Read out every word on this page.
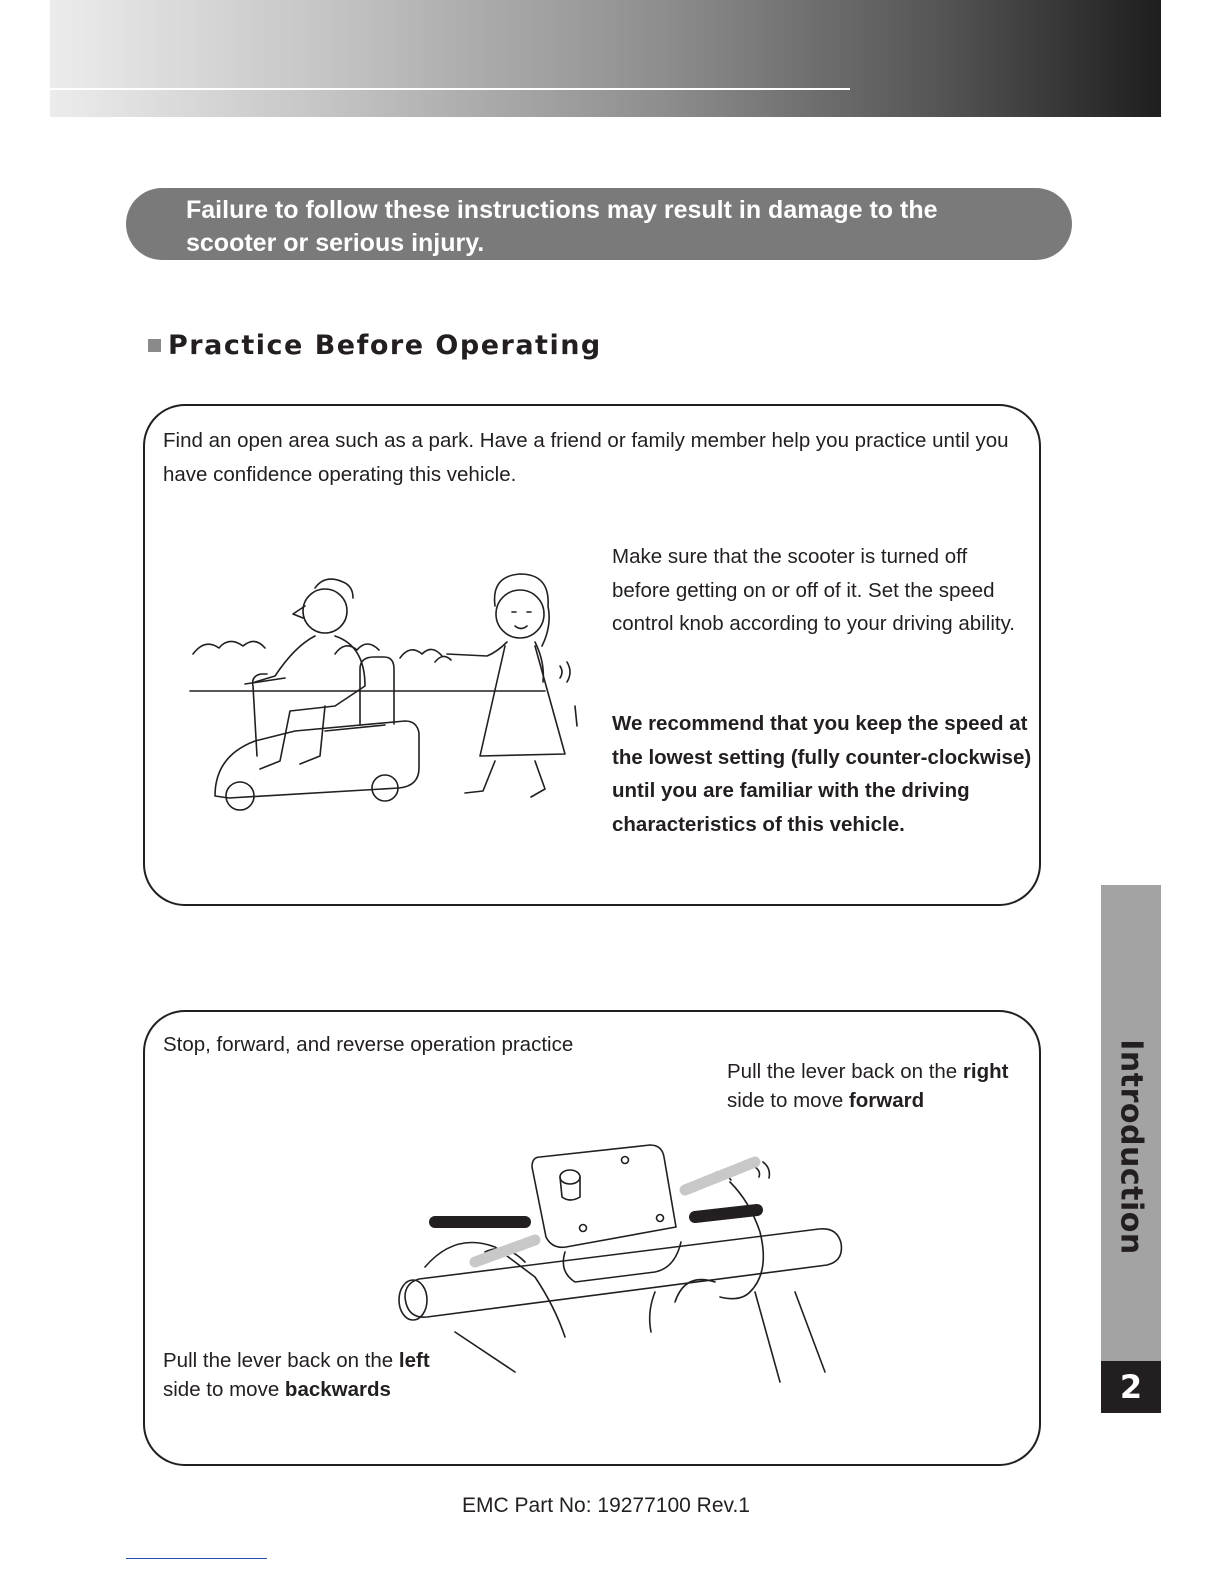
Failure to follow these instructions may result in damage to the
scooter or serious injury.
Practice Before Operating
Find an open area such as a park. Have a friend or family member help you practice until you have confidence operating this vehicle.
Make sure that the scooter is turned off before getting on or off of it. Set the speed control knob according to your driving ability.
We recommend that you keep the speed at the lowest setting (fully counter-clockwise) until you are familiar with the driving characteristics of this vehicle.
Stop, forward, and reverse operation practice
Pull the lever back on the right
side to move forward
Pull the lever back on the left
side to move backwards
Introduction
2
EMC Part No: 19277100 Rev.1
